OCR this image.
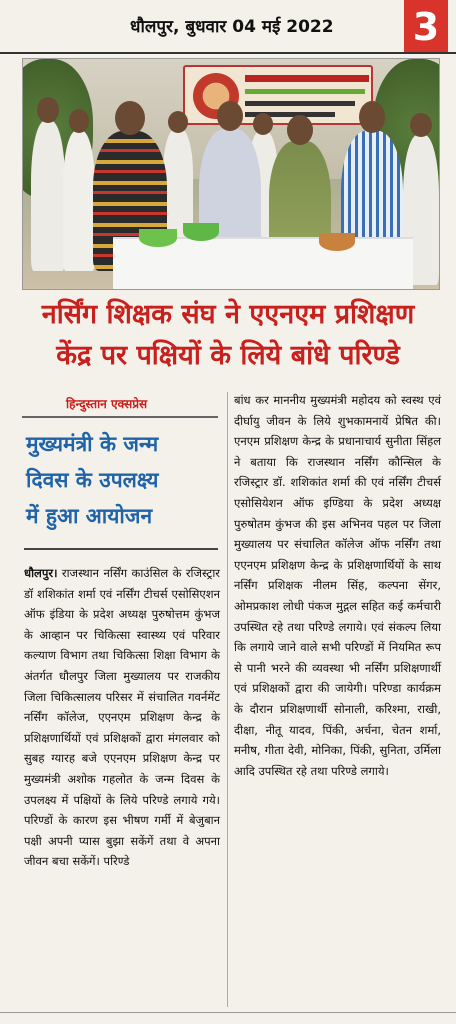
धौलपुर, बुधवार 04 मई 2022 3
नर्सिंग शिक्षक संघ ने एएनएम प्रशिक्षण
केंद्र पर पक्षियों के लिये बांधे परिण्डे
हिन्दुस्तान एक्सप्रेस
मुख्यमंत्री के जन्म
दिवस के उपलक्ष्य
में हुआ आयोजन
धौलपुर। राजस्थान नर्सिंग काउंसिल के रजिस्ट्रार डॉ शशिकांत शर्मा एवं नर्सिंग टीचर्स एसोसिएशन ऑफ इंडिया के प्रदेश अध्यक्ष पुरुषोत्तम कुंभज के आव्हान पर चिकित्सा स्वास्थ्य एवं परिवार कल्याण विभाग तथा चिकित्सा शिक्षा विभाग के अंतर्गत धौलपुर जिला मुख्यालय पर राजकीय जिला चिकित्सालय परिसर में संचालित गवर्नमेंट नर्सिंग कॉलेज, एएनएम प्रशिक्षण केन्द्र के प्रशिक्षणार्थियों एवं प्रशिक्षकों द्वारा मंगलवार को सुबह ग्यारह बजे एएनएम प्रशिक्षण केन्द्र पर मुख्यमंत्री अशोक गहलोत के जन्म दिवस के उपलक्ष्य में पक्षियों के लिये परिण्डे लगाये गये। परिण्डों के कारण इस भीषण गर्मी में बेजुबान पक्षी अपनी प्यास बुझा सकेंगें तथा वे अपना जीवन बचा सकेंगें। परिण्डे
बांध कर माननीय मुख्यमंत्री महोदय को स्वस्थ एवं दीर्घायु जीवन के लिये शुभकामनायें प्रेषित की। एनएम प्रशिक्षण केन्द्र के प्रधानाचार्य सुनीता सिंहल ने बताया कि राजस्थान नर्सिंग कौन्सिल के रजिस्ट्रार डॉ. शशिकांत शर्मा की एवं नर्सिंग टीचर्स एसोसियेशन ऑफ इण्डिया के प्रदेश अध्यक्ष पुरुषोतम कुंभज की इस अभिनव पहल पर जिला मुख्यालय पर संचालित कॉलेज ऑफ नर्सिंग तथा एएनएम प्रशिक्षण केन्द्र के प्रशिक्षणार्थियों के साथ नर्सिंग प्रशिक्षक नीलम सिंह, कल्पना सेंगर, ओमप्रकाश लोधी पंकज मुद्गल सहित कई कर्मचारी उपस्थित रहे तथा परिण्डे लगाये। एवं संकल्प लिया कि लगाये जाने वाले सभी परिण्डों में नियमित रूप से पानी भरने की व्यवस्था भी नर्सिंग प्रशिक्षणार्थी एवं प्रशिक्षकों द्वारा की जायेगी। परिण्डा कार्यक्रम के दौरान प्रशिक्षणार्थी सोनाली, करिश्मा, राखी, दीक्षा, नीतू यादव, पिंकी, अर्चना, चेतन शर्मा, मनीष, गीता देवी, मोनिका, पिंकी, सुनिता, उर्मिला आदि उपस्थित रहे तथा परिण्डे लगाये।
